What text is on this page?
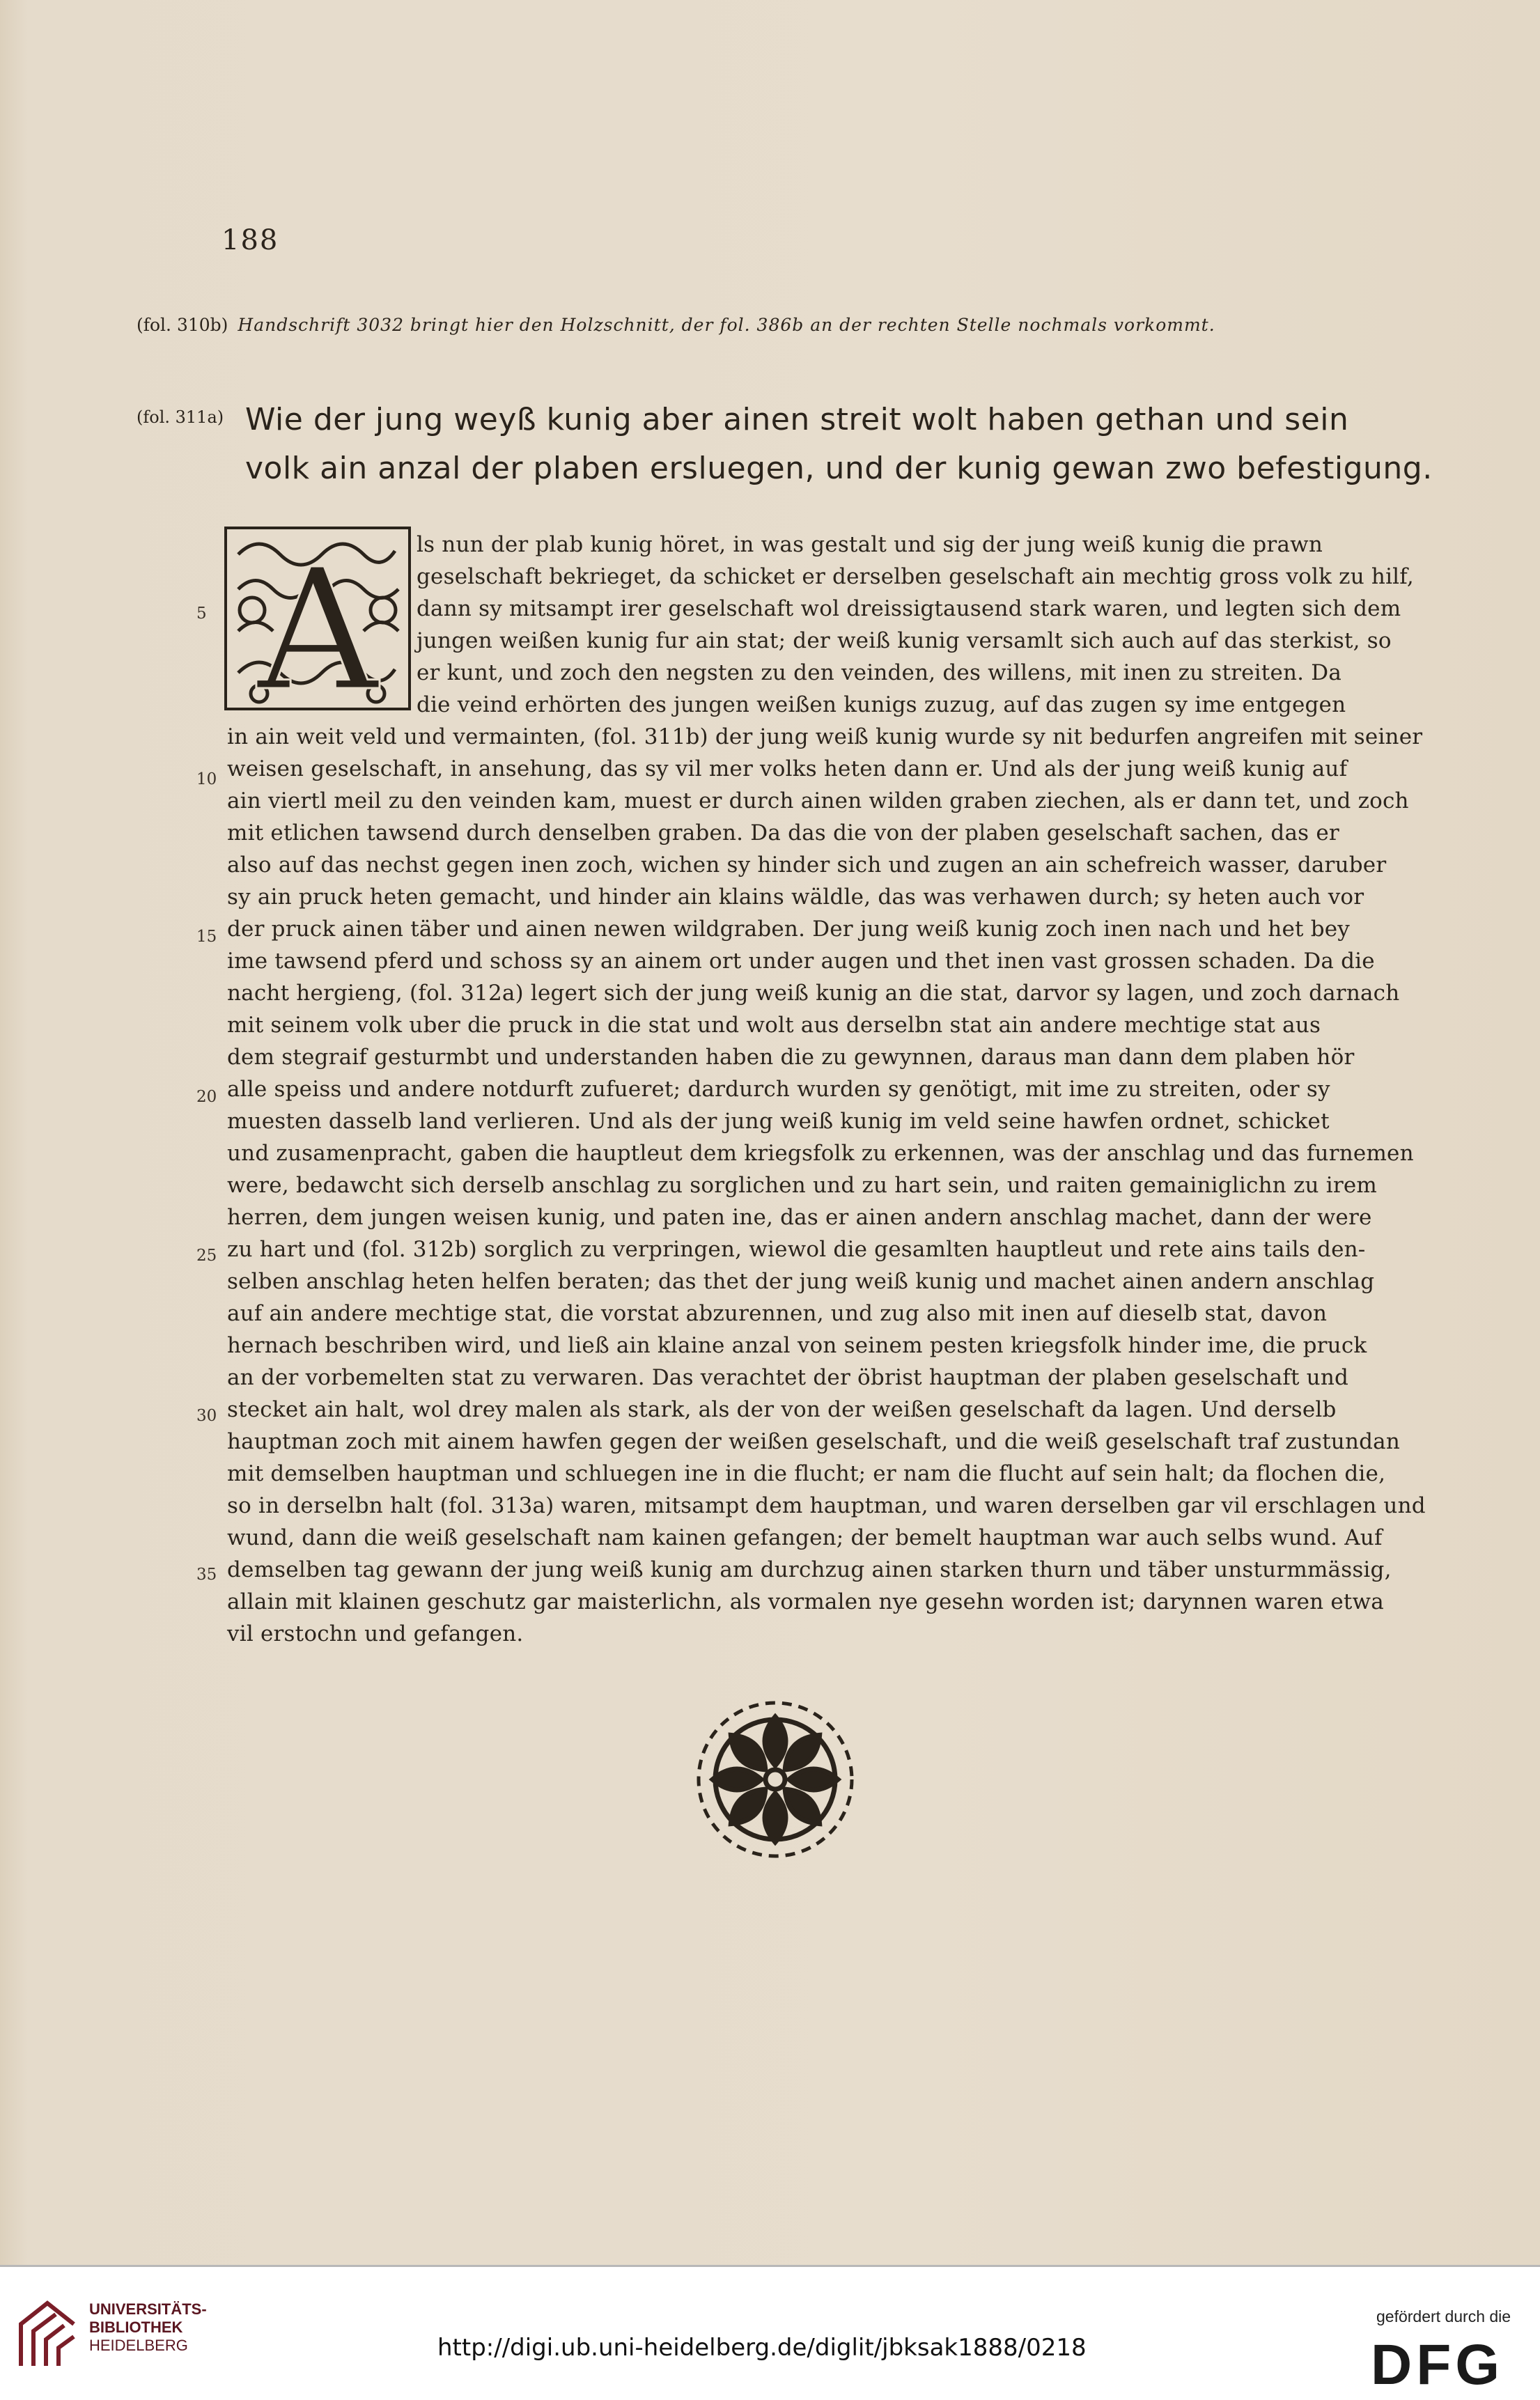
188
(fol. 310b) Handschrift 3032 bringt hier den Holzschnitt, der fol. 386b an der rechten Stelle nochmals vorkommt.
(fol. 311a) Wie der jung weyß kunig aber ainen streit wolt haben gethan und sein
volk ain anzal der plaben ersluegen, und der kunig gewan zwo befestigung.
A
5
10
15
20
25
30
35
ls nun der plab kunig höret, in was gestalt und sig der jung weiß kunig die prawn
geselschaft bekrieget, da schicket er derselben geselschaft ain mechtig gross volk zu hilf,
dann sy mitsampt irer geselschaft wol dreissigtausend stark waren, und legten sich dem
jungen weißen kunig fur ain stat; der weiß kunig versamlt sich auch auf das sterkist, so
er kunt, und zoch den negsten zu den veinden, des willens, mit inen zu streiten. Da
die veind erhörten des jungen weißen kunigs zuzug, auf das zugen sy ime entgegen
in ain weit veld und vermainten, (fol. 311b) der jung weiß kunig wurde sy nit bedurfen angreifen mit seiner
weisen geselschaft, in ansehung, das sy vil mer volks heten dann er. Und als der jung weiß kunig auf
ain viertl meil zu den veinden kam, muest er durch ainen wilden graben ziechen, als er dann tet, und zoch
mit etlichen tawsend durch denselben graben. Da das die von der plaben geselschaft sachen, das er
also auf das nechst gegen inen zoch, wichen sy hinder sich und zugen an ain schefreich wasser, daruber
sy ain pruck heten gemacht, und hinder ain klains wäldle, das was verhawen durch; sy heten auch vor
der pruck ainen täber und ainen newen wildgraben. Der jung weiß kunig zoch inen nach und het bey
ime tawsend pferd und schoss sy an ainem ort under augen und thet inen vast grossen schaden. Da die
nacht hergieng, (fol. 312a) legert sich der jung weiß kunig an die stat, darvor sy lagen, und zoch darnach
mit seinem volk uber die pruck in die stat und wolt aus derselbn stat ain andere mechtige stat aus
dem stegraif gesturmbt und understanden haben die zu gewynnen, daraus man dann dem plaben hör
alle speiss und andere notdurft zufueret; dardurch wurden sy genötigt, mit ime zu streiten, oder sy
muesten dasselb land verlieren. Und als der jung weiß kunig im veld seine hawfen ordnet, schicket
und zusamenpracht, gaben die hauptleut dem kriegsfolk zu erkennen, was der anschlag und das furnemen
were, bedawcht sich derselb anschlag zu sorglichen und zu hart sein, und raiten gemainiglichn zu irem
herren, dem jungen weisen kunig, und paten ine, das er ainen andern anschlag machet, dann der were
zu hart und (fol. 312b) sorglich zu verpringen, wiewol die gesamlten hauptleut und rete ains tails den-
selben anschlag heten helfen beraten; das thet der jung weiß kunig und machet ainen andern anschlag
auf ain andere mechtige stat, die vorstat abzurennen, und zug also mit inen auf dieselb stat, davon
hernach beschriben wird, und ließ ain klaine anzal von seinem pesten kriegsfolk hinder ime, die pruck
an der vorbemelten stat zu verwaren. Das verachtet der öbrist hauptman der plaben geselschaft und
stecket ain halt, wol drey malen als stark, als der von der weißen geselschaft da lagen. Und derselb
hauptman zoch mit ainem hawfen gegen der weißen geselschaft, und die weiß geselschaft traf zustundan
mit demselben hauptman und schluegen ine in die flucht; er nam die flucht auf sein halt; da flochen die,
so in derselbn halt (fol. 313a) waren, mitsampt dem hauptman, und waren derselben gar vil erschlagen und
wund, dann die weiß geselschaft nam kainen gefangen; der bemelt hauptman war auch selbs wund. Auf
demselben tag gewann der jung weiß kunig am durchzug ainen starken thurn und täber unsturmmässig,
allain mit klainen geschutz gar maisterlichn, als vormalen nye gesehn worden ist; darynnen waren etwa
vil erstochn und gefangen.
UNIVERSITÄTS-
BIBLIOTHEK
HEIDELBERG	http://digi.ub.uni-heidelberg.de/diglit/jbksak1888/0218
gefördert durch die
DFG
